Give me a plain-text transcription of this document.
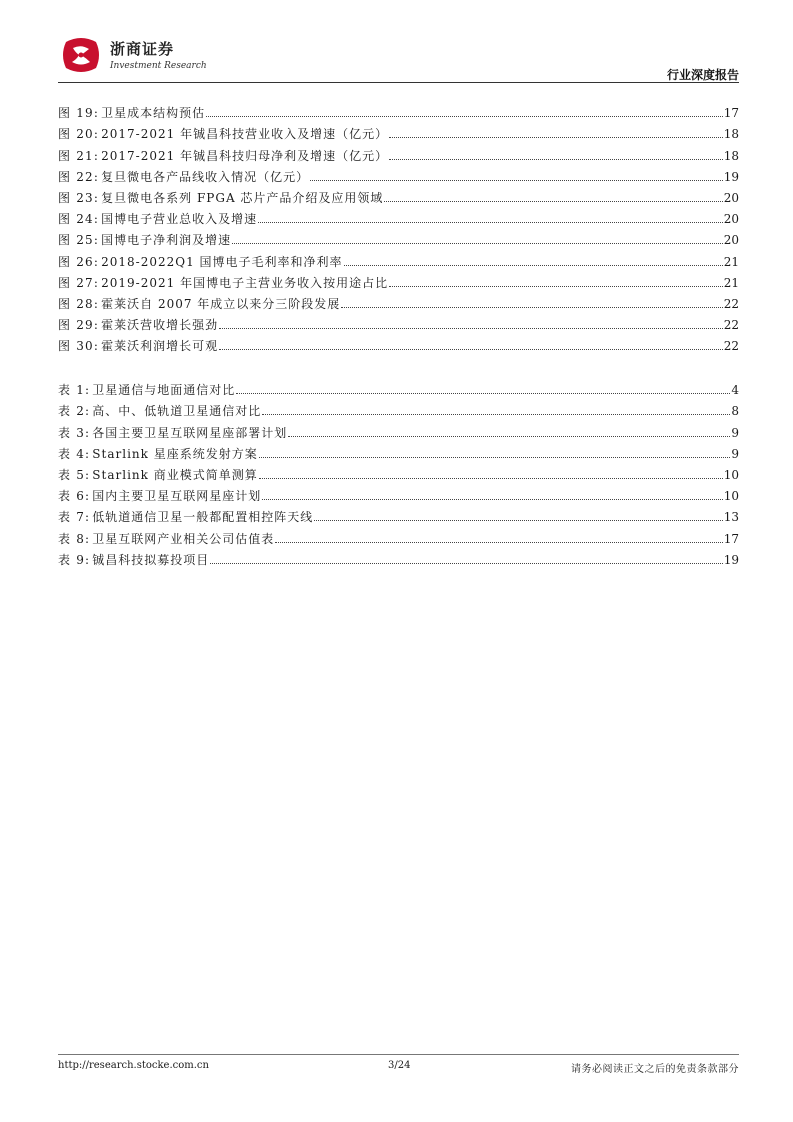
浙商证券
Investment Research
行业深度报告
图 19: 卫星成本结构预估	17
图 20: 2017-2021 年铖昌科技营业收入及增速（亿元）	18
图 21: 2017-2021 年铖昌科技归母净利及增速（亿元）	18
图 22: 复旦微电各产品线收入情况（亿元）	19
图 23: 复旦微电各系列 FPGA 芯片产品介绍及应用领域	20
图 24: 国博电子营业总收入及增速	20
图 25: 国博电子净利润及增速	20
图 26: 2018-2022Q1 国博电子毛利率和净利率	21
图 27: 2019-2021 年国博电子主营业务收入按用途占比	21
图 28: 霍莱沃自 2007 年成立以来分三阶段发展	22
图 29: 霍莱沃营收增长强劲	22
图 30: 霍莱沃利润增长可观	22
表 1: 卫星通信与地面通信对比	4
表 2: 高、中、低轨道卫星通信对比	8
表 3: 各国主要卫星互联网星座部署计划	9
表 4: Starlink 星座系统发射方案	9
表 5: Starlink 商业模式简单测算	10
表 6: 国内主要卫星互联网星座计划	10
表 7: 低轨道通信卫星一般都配置相控阵天线	13
表 8: 卫星互联网产业相关公司估值表	17
表 9: 铖昌科技拟募投项目	19
http://research.stocke.com.cn	3/24	请务必阅读正文之后的免责条款部分
